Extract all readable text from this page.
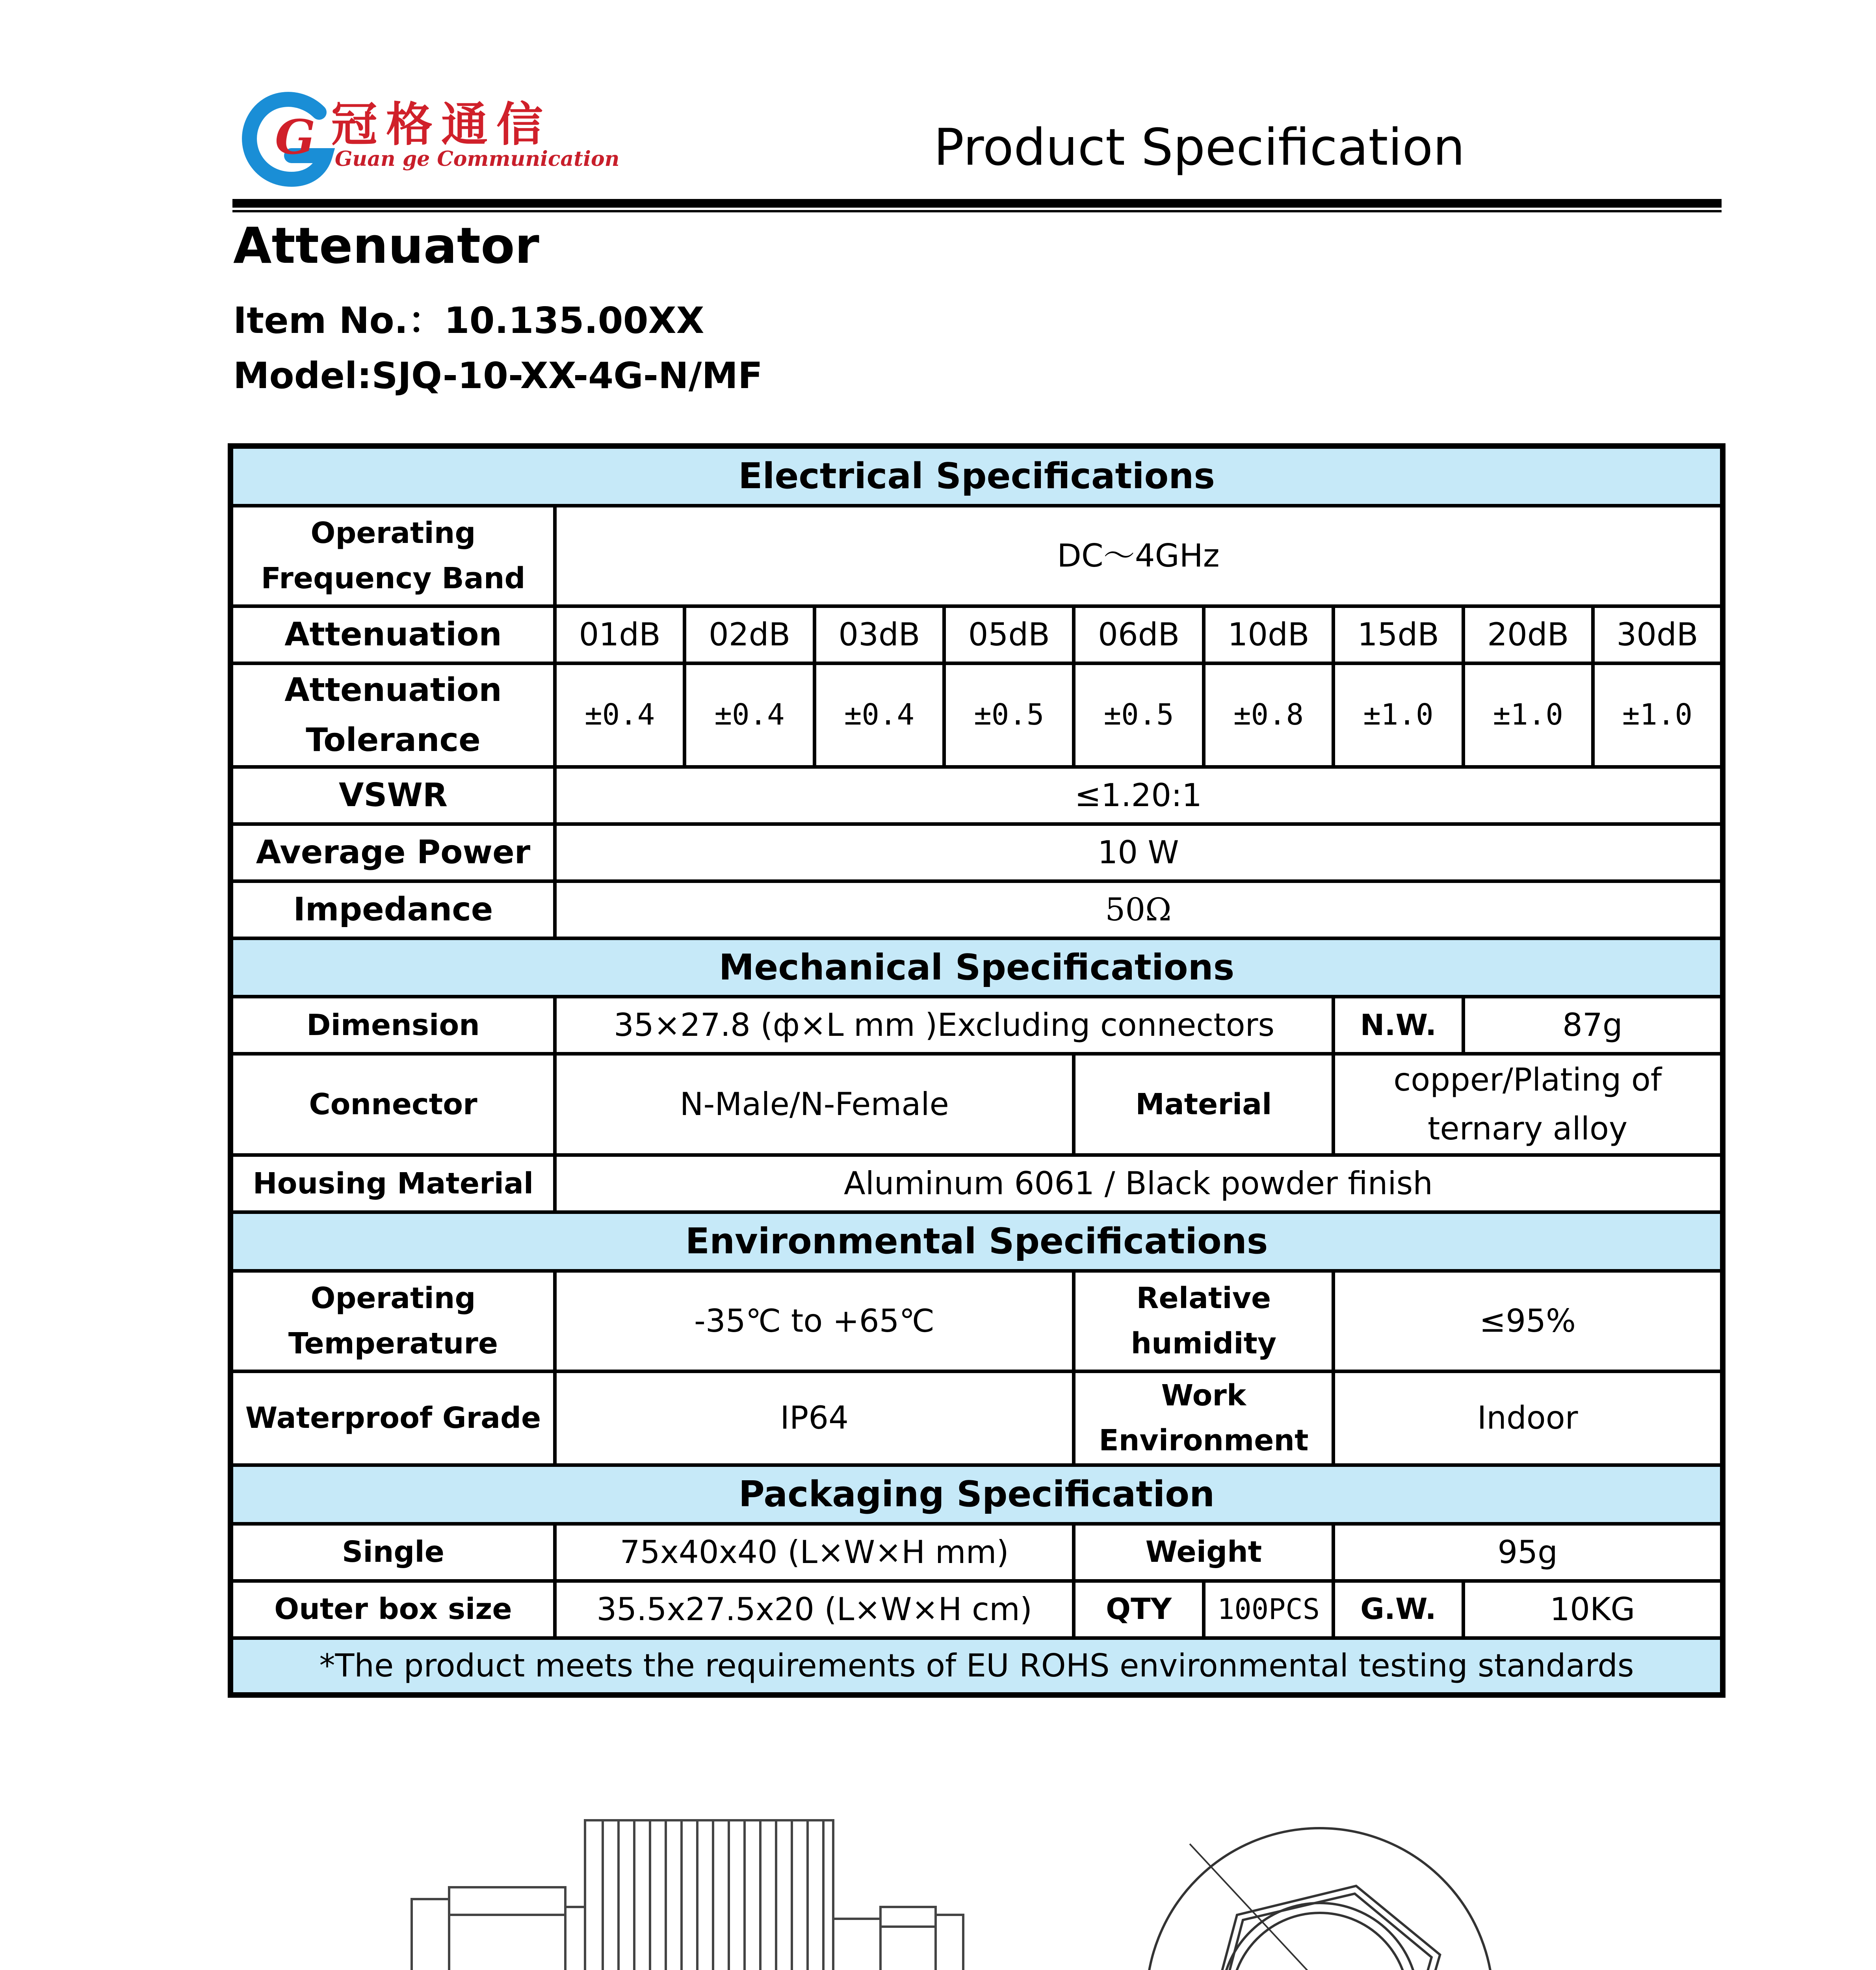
G 冠格通信
Guan ge Communication	Product Specification
Attenuator
Item No.：10.135.00XX
Model:SJQ-10-XX-4G-N/MF
Electrical Specifications									
Operating
Frequency Band	DC～4GHz								
Attenuation	01dB	02dB	03dB	05dB	06dB	10dB	15dB	20dB	30dB
Attenuation
Tolerance	±0.4	±0.4	±0.4	±0.5	±0.5	±0.8	±1.0	±1.0	±1.0
VSWR	≤1.20:1								
Average Power	10 W								
Impedance	50Ω								
Mechanical Specifications									
Dimension	35×27.8 (ф×L mm )Excluding connectors						N.W.	87g	
Connector	N-Male/N-Female				Material		copper/Plating of
ternary alloy		
Housing Material	Aluminum 6061 / Black powder finish								
Environmental Specifications									
Operating
Temperature	-35℃ to +65℃				Relative humidity		≤95%		
Waterproof Grade	IP64				Work Environment		Indoor		
Packaging Specification									
Single	75x40x40 (L×W×H mm)				Weight		95g		
Outer box size	35.5x27.5x20 (L×W×H cm)				QTY	100PCS	G.W.	10KG	
*The product meets the requirements of EU ROHS environmental testing standards									
